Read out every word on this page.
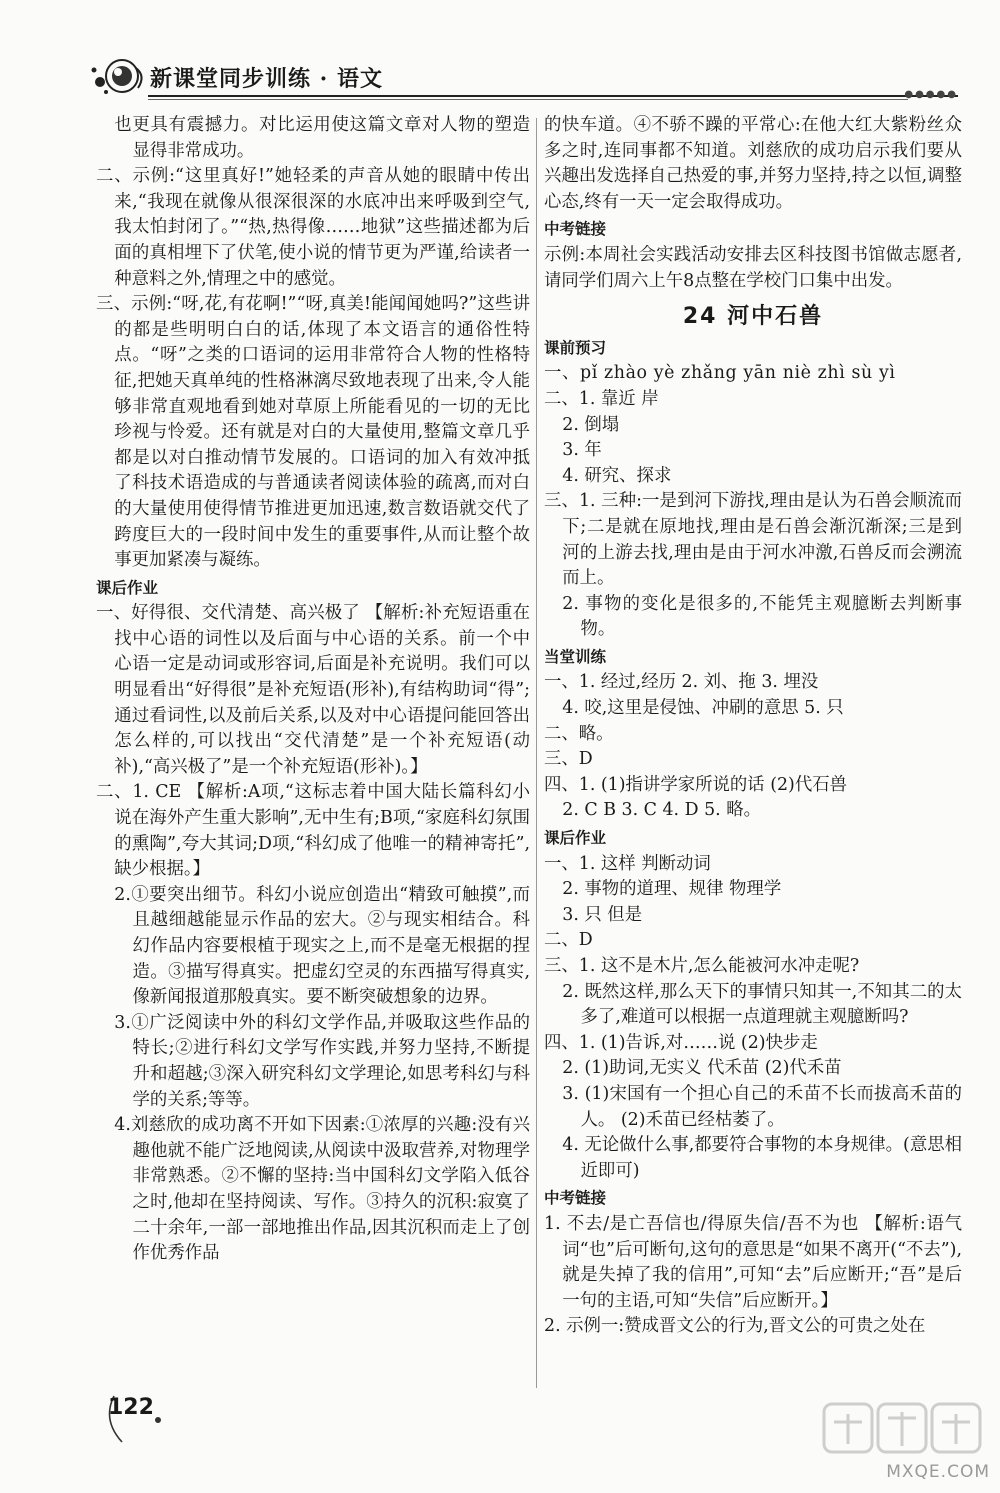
新课堂同步训练 · 语文
●●●●●
也更具有震撼力。对比运用使这篇文章对人物的塑造显得非常成功。
二、示例:“这里真好!”她轻柔的声音从她的眼睛中传出来,“我现在就像从很深很深的水底冲出来呼吸到空气,我太怕封闭了。”“热,热得像……地狱”这些描述都为后面的真相埋下了伏笔,使小说的情节更为严谨,给读者一种意料之外,情理之中的感觉。
三、示例:“呀,花,有花啊!”“呀,真美!能闻闻她吗?”这些讲的都是些明明白白的话,体现了本文语言的通俗性特点。“呀”之类的口语词的运用非常符合人物的性格特征,把她天真单纯的性格淋漓尽致地表现了出来,令人能够非常直观地看到她对草原上所能看见的一切的无比珍视与怜爱。还有就是对白的大量使用,整篇文章几乎都是以对白推动情节发展的。口语词的加入有效冲抵了科技术语造成的与普通读者阅读体验的疏离,而对白的大量使用使得情节推进更加迅速,数言数语就交代了跨度巨大的一段时间中发生的重要事件,从而让整个故事更加紧凑与凝练。
课后作业
一、好得很、交代清楚、高兴极了 【解析:补充短语重在找中心语的词性以及后面与中心语的关系。前一个中心语一定是动词或形容词,后面是补充说明。我们可以明显看出“好得很”是补充短语(形补),有结构助词“得”;通过看词性,以及前后关系,以及对中心语提问能回答出怎么样的,可以找出“交代清楚”是一个补充短语(动补),“高兴极了”是一个补充短语(形补)。】
二、1. CE 【解析:A项,“这标志着中国大陆长篇科幻小说在海外产生重大影响”,无中生有;B项,“家庭科幻氛围的熏陶”,夸大其词;D项,“科幻成了他唯一的精神寄托”,缺少根据。】
2.①要突出细节。科幻小说应创造出“精致可触摸”,而且越细越能显示作品的宏大。②与现实相结合。科幻作品内容要根植于现实之上,而不是毫无根据的捏造。③描写得真实。把虚幻空灵的东西描写得真实,像新闻报道那般真实。要不断突破想象的边界。
3.①广泛阅读中外的科幻文学作品,并吸取这些作品的特长;②进行科幻文学写作实践,并努力坚持,不断提升和超越;③深入研究科幻文学理论,如思考科幻与科学的关系;等等。
4.刘慈欣的成功离不开如下因素:①浓厚的兴趣:没有兴趣他就不能广泛地阅读,从阅读中汲取营养,对物理学非常熟悉。②不懈的坚持:当中国科幻文学陷入低谷之时,他却在坚持阅读、写作。③持久的沉积:寂寞了二十余年,一部一部地推出作品,因其沉积而走上了创作优秀作品
的快车道。④不骄不躁的平常心:在他大红大紫粉丝众多之时,连同事都不知道。刘慈欣的成功启示我们要从兴趣出发选择自己热爱的事,并努力坚持,持之以恒,调整心态,终有一天一定会取得成功。
中考链接
示例:本周社会实践活动安排去区科技图书馆做志愿者,请同学们周六上午8点整在学校门口集中出发。
24 河中石兽
课前预习
一、pǐ zhào yè zhǎng yān niè zhì sù yì
二、1. 靠近 岸
2. 倒塌
3. 年
4. 研究、探求
三、1. 三种:一是到河下游找,理由是认为石兽会顺流而下;二是就在原地找,理由是石兽会渐沉渐深;三是到河的上游去找,理由是由于河水冲激,石兽反而会溯流而上。
2. 事物的变化是很多的,不能凭主观臆断去判断事物。
当堂训练
一、1. 经过,经历 2. 刘、拖 3. 埋没
4. 咬,这里是侵蚀、冲刷的意思 5. 只
二、略。
三、D
四、1. (1)指讲学家所说的话 (2)代石兽
2. C B 3. C 4. D 5. 略。
课后作业
一、1. 这样 判断动词
2. 事物的道理、规律 物理学
3. 只 但是
二、D
三、1. 这不是木片,怎么能被河水冲走呢?
2. 既然这样,那么天下的事情只知其一,不知其二的太多了,难道可以根据一点道理就主观臆断吗?
四、1. (1)告诉,对……说 (2)快步走
2. (1)助词,无实义 代禾苗 (2)代禾苗
3. (1)宋国有一个担心自己的禾苗不长而拔高禾苗的人。 (2)禾苗已经枯萎了。
4. 无论做什么事,都要符合事物的本身规律。(意思相近即可)
中考链接
1. 不去/是亡吾信也/得原失信/吾不为也 【解析:语气词“也”后可断句,这句的意思是“如果不离开(“不去”),就是失掉了我的信用”,可知“去”后应断开;“吾”是后一句的主语,可知“失信”后应断开。】
2. 示例一:赞成晋文公的行为,晋文公的可贵之处在
122
MXQE.COM
